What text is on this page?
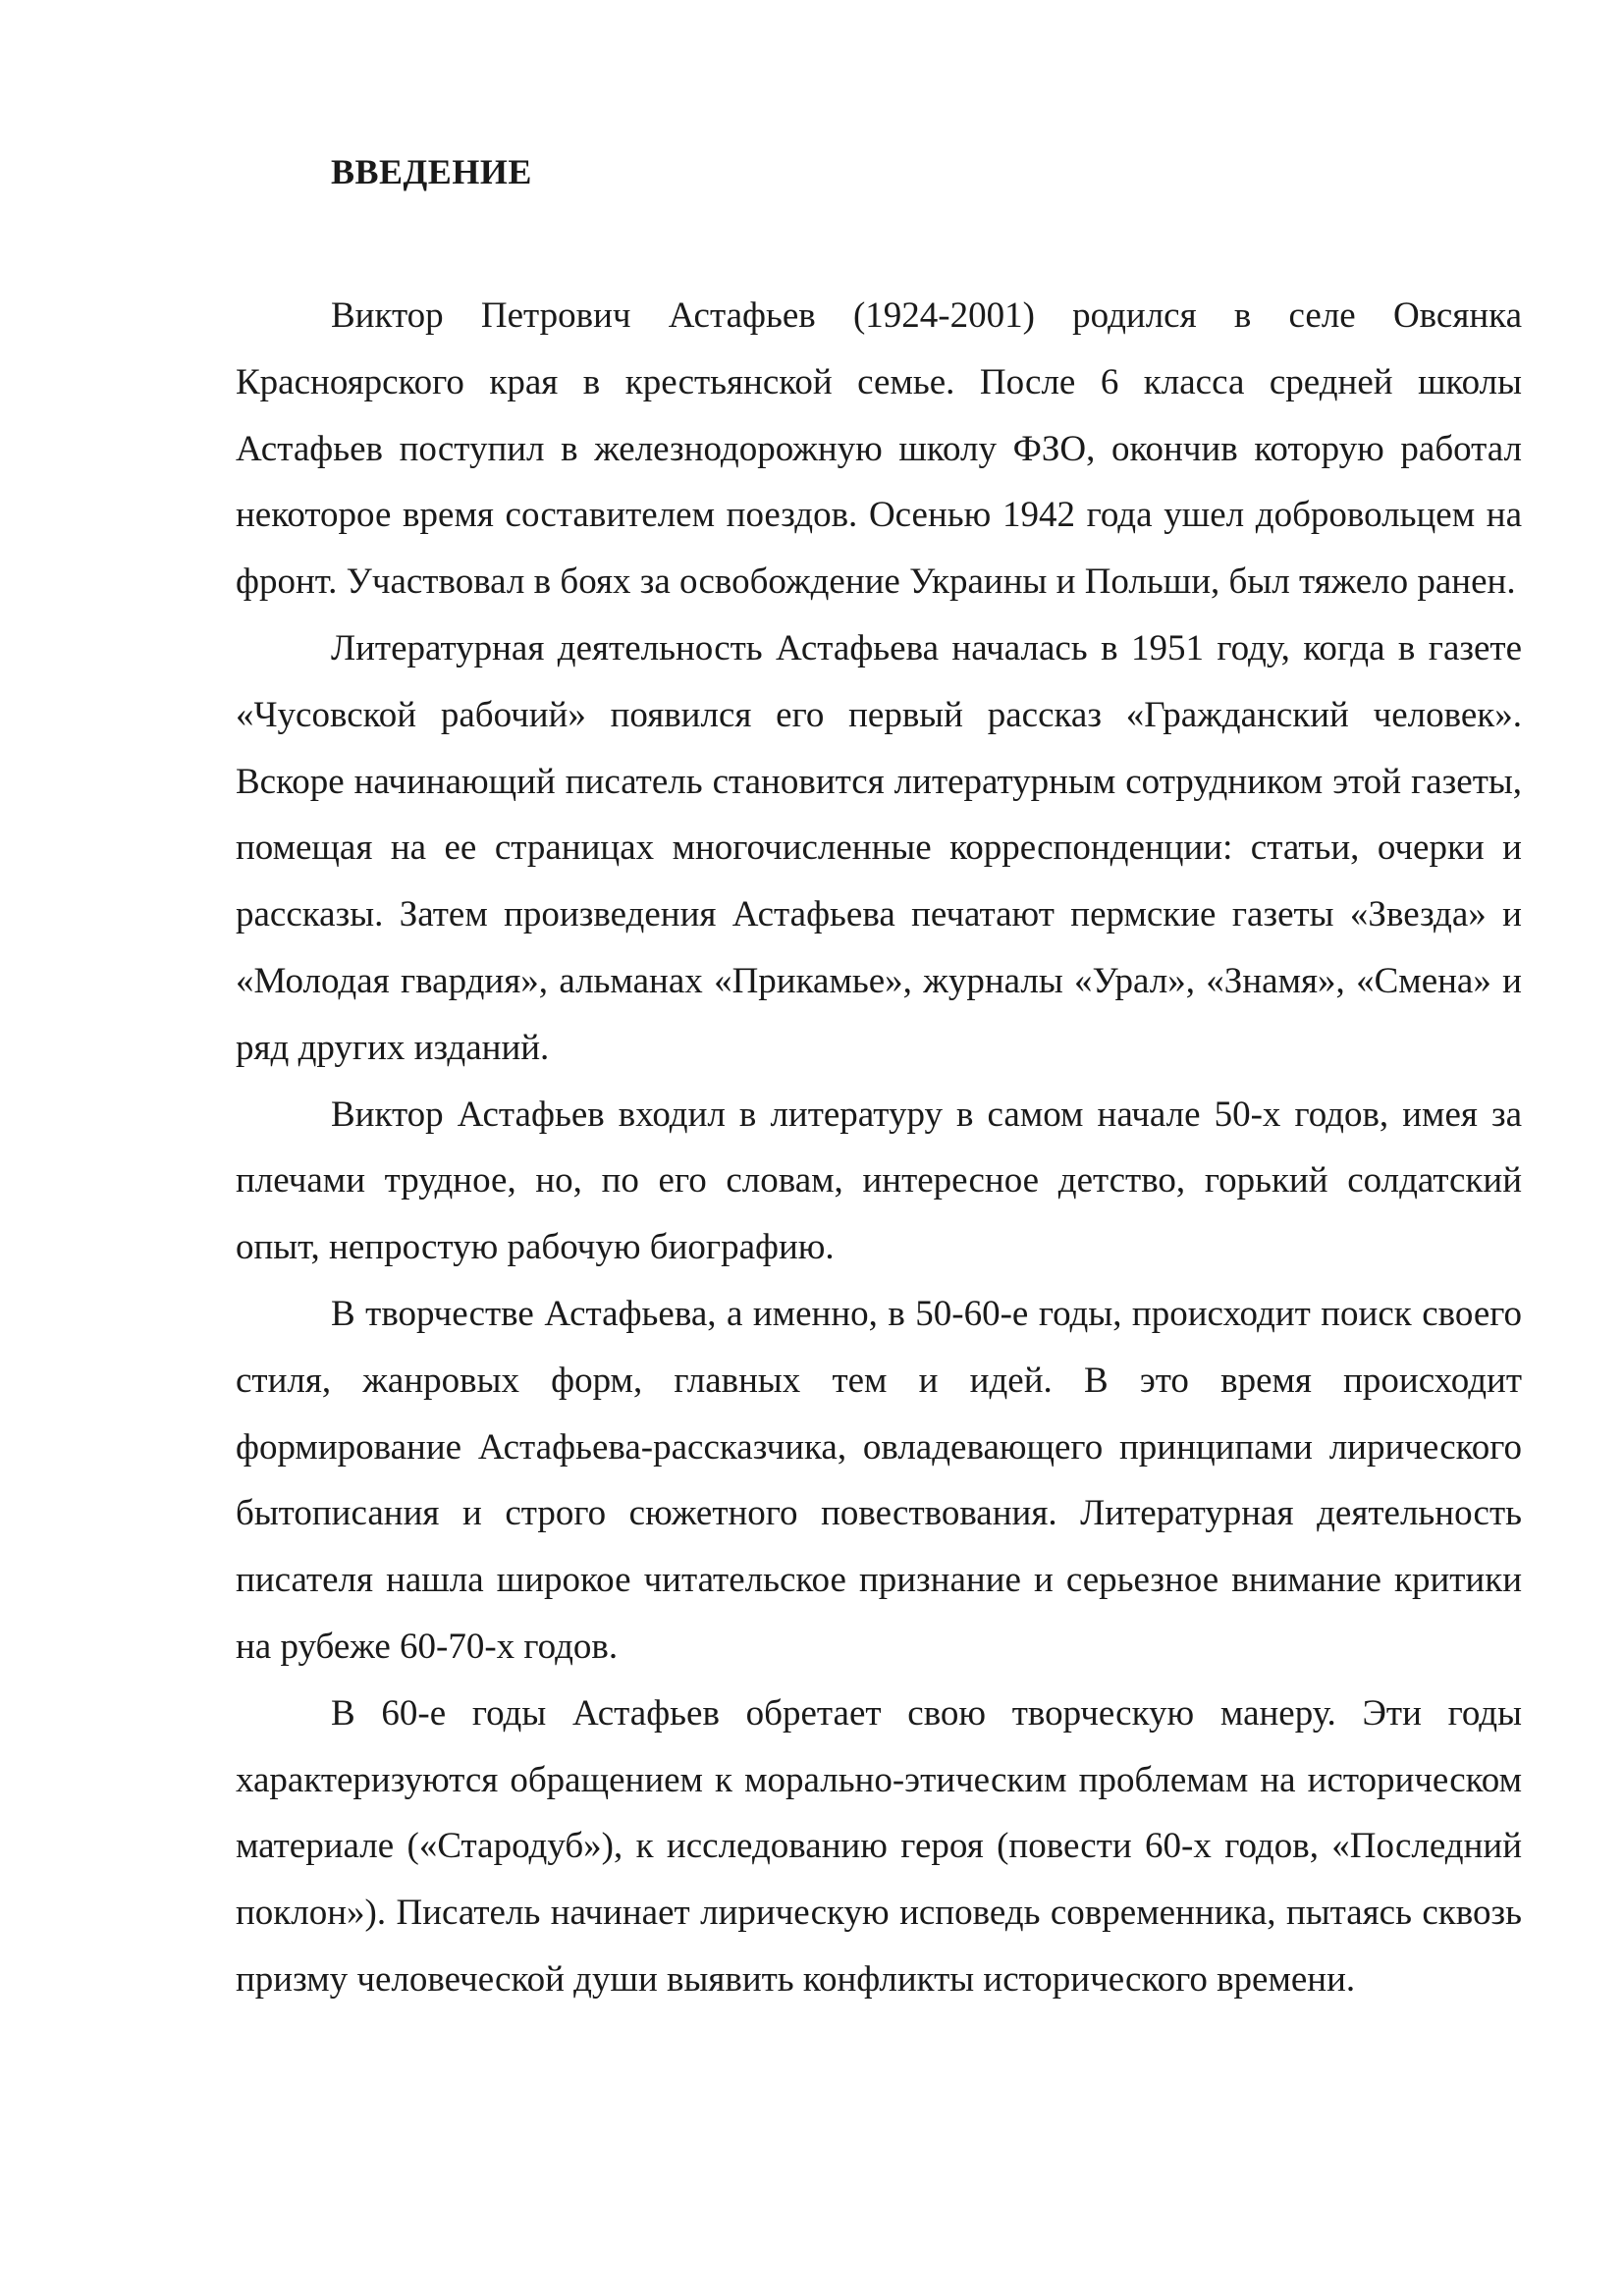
ВВЕДЕНИЕ

Виктор Петрович Астафьев (1924-2001) родился в селе Овсянка Красноярского края в крестьянской семье. После 6 класса средней школы Астафьев поступил в железнодорожную школу ФЗО, окончив которую работал некоторое время составителем поездов. Осенью 1942 года ушел добровольцем на фронт. Участвовал в боях за освобождение Украины и Польши, был тяжело ранен.

Литературная деятельность Астафьева началась в 1951 году, когда в газете «Чусовской рабочий» появился его первый рассказ «Гражданский человек». Вскоре начинающий писатель становится литературным сотрудником этой газеты, помещая на ее страницах многочисленные корреспонденции: статьи, очерки и рассказы. Затем произведения Астафьева печатают пермские газеты «Звезда» и «Молодая гвардия», альманах «Прикамье», журналы «Урал», «Знамя», «Смена» и ряд других изданий.

Виктор Астафьев входил в литературу в самом начале 50-х годов, имея за плечами трудное, но, по его словам, интересное детство, горький солдатский опыт, непростую рабочую биографию.

В творчестве Астафьева, а именно, в 50-60-е годы, происходит поиск своего стиля, жанровых форм, главных тем и идей. В это время происходит формирование Астафьева-рассказчика, овладевающего принципами лирического бытописания и строго сюжетного повествования. Литературная деятельность писателя нашла широкое читательское признание и серьезное внимание критики на рубеже 60-70-х годов.

В 60-е годы Астафьев обретает свою творческую манеру. Эти годы характеризуются обращением к морально-этическим проблемам на историческом материале («Стародуб»), к исследованию героя (повести 60-х годов, «Последний поклон»). Писатель начинает лирическую исповедь современника, пытаясь сквозь призму человеческой души выявить конфликты исторического времени.
